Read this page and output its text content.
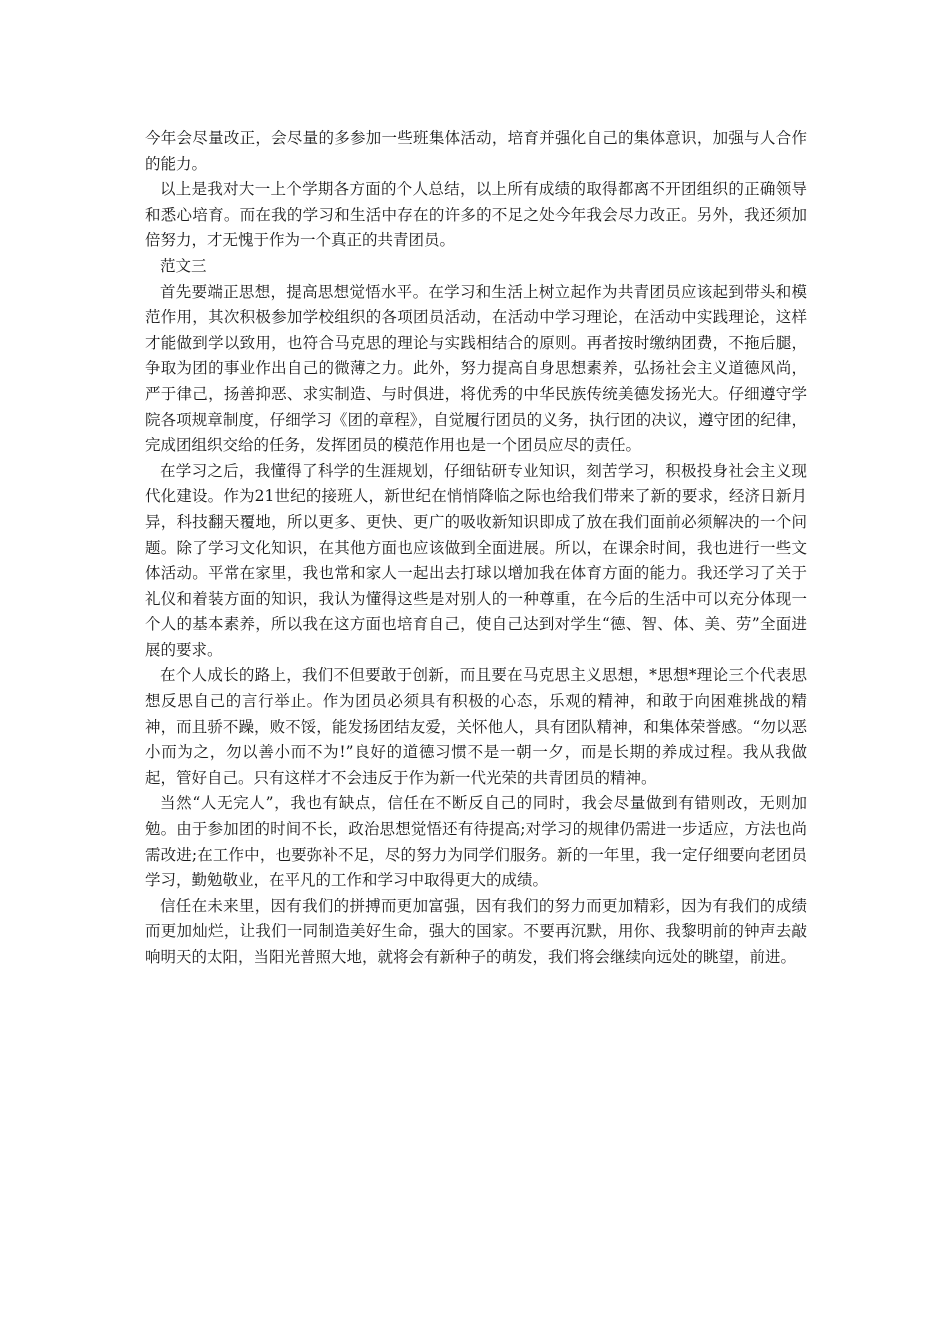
今年会尽量改正，会尽量的多参加一些班集体活动，培育并强化自己的集体意识，加强与人合作的能力。

以上是我对大一上个学期各方面的个人总结，以上所有成绩的取得都离不开团组织的正确领导和悉心培育。而在我的学习和生活中存在的许多的不足之处今年我会尽力改正。另外，我还须加倍努力，才无愧于作为一个真正的共青团员。

范文三

首先要端正思想，提高思想觉悟水平。在学习和生活上树立起作为共青团员应该起到带头和模范作用，其次积极参加学校组织的各项团员活动，在活动中学习理论，在活动中实践理论，这样才能做到学以致用，也符合马克思的理论与实践相结合的原则。再者按时缴纳团费，不拖后腿，争取为团的事业作出自己的微薄之力。此外，努力提高自身思想素养，弘扬社会主义道德风尚，严于律己，扬善抑恶、求实制造、与时俱进，将优秀的中华民族传统美德发扬光大。仔细遵守学院各项规章制度，仔细学习《团的章程》，自觉履行团员的义务，执行团的决议，遵守团的纪律，完成团组织交给的任务，发挥团员的模范作用也是一个团员应尽的责任。

在学习之后，我懂得了科学的生涯规划，仔细钻研专业知识，刻苦学习，积极投身社会主义现代化建设。作为21世纪的接班人，新世纪在悄悄降临之际也给我们带来了新的要求，经济日新月异，科技翻天覆地，所以更多、更快、更广的吸收新知识即成了放在我们面前必须解决的一个问题。除了学习文化知识，在其他方面也应该做到全面进展。所以，在课余时间，我也进行一些文体活动。平常在家里，我也常和家人一起出去打球以增加我在体育方面的能力。我还学习了关于礼仪和着装方面的知识，我认为懂得这些是对别人的一种尊重，在今后的生活中可以充分体现一个人的基本素养，所以我在这方面也培育自己，使自己达到对学生“德、智、体、美、劳”全面进展的要求。

在个人成长的路上，我们不但要敢于创新，而且要在马克思主义思想，*思想*理论三个代表思想反思自己的言行举止。作为团员必须具有积极的心态，乐观的精神，和敢于向困难挑战的精神，而且骄不躁，败不馁，能发扬团结友爱，关怀他人，具有团队精神，和集体荣誉感。“勿以恶小而为之，勿以善小而不为!”良好的道德习惯不是一朝一夕，而是长期的养成过程。我从我做起，管好自己。只有这样才不会违反于作为新一代光荣的共青团员的精神。

当然“人无完人”，我也有缺点，信任在不断反自己的同时，我会尽量做到有错则改，无则加勉。由于参加团的时间不长，政治思想觉悟还有待提高;对学习的规律仍需进一步适应，方法也尚需改进;在工作中，也要弥补不足，尽的努力为同学们服务。新的一年里，我一定仔细要向老团员学习，勤勉敬业，在平凡的工作和学习中取得更大的成绩。

信任在未来里，因有我们的拼搏而更加富强，因有我们的努力而更加精彩，因为有我们的成绩而更加灿烂，让我们一同制造美好生命，强大的国家。不要再沉默，用你、我黎明前的钟声去敲响明天的太阳，当阳光普照大地，就将会有新种子的萌发，我们将会继续向远处的眺望，前进。
